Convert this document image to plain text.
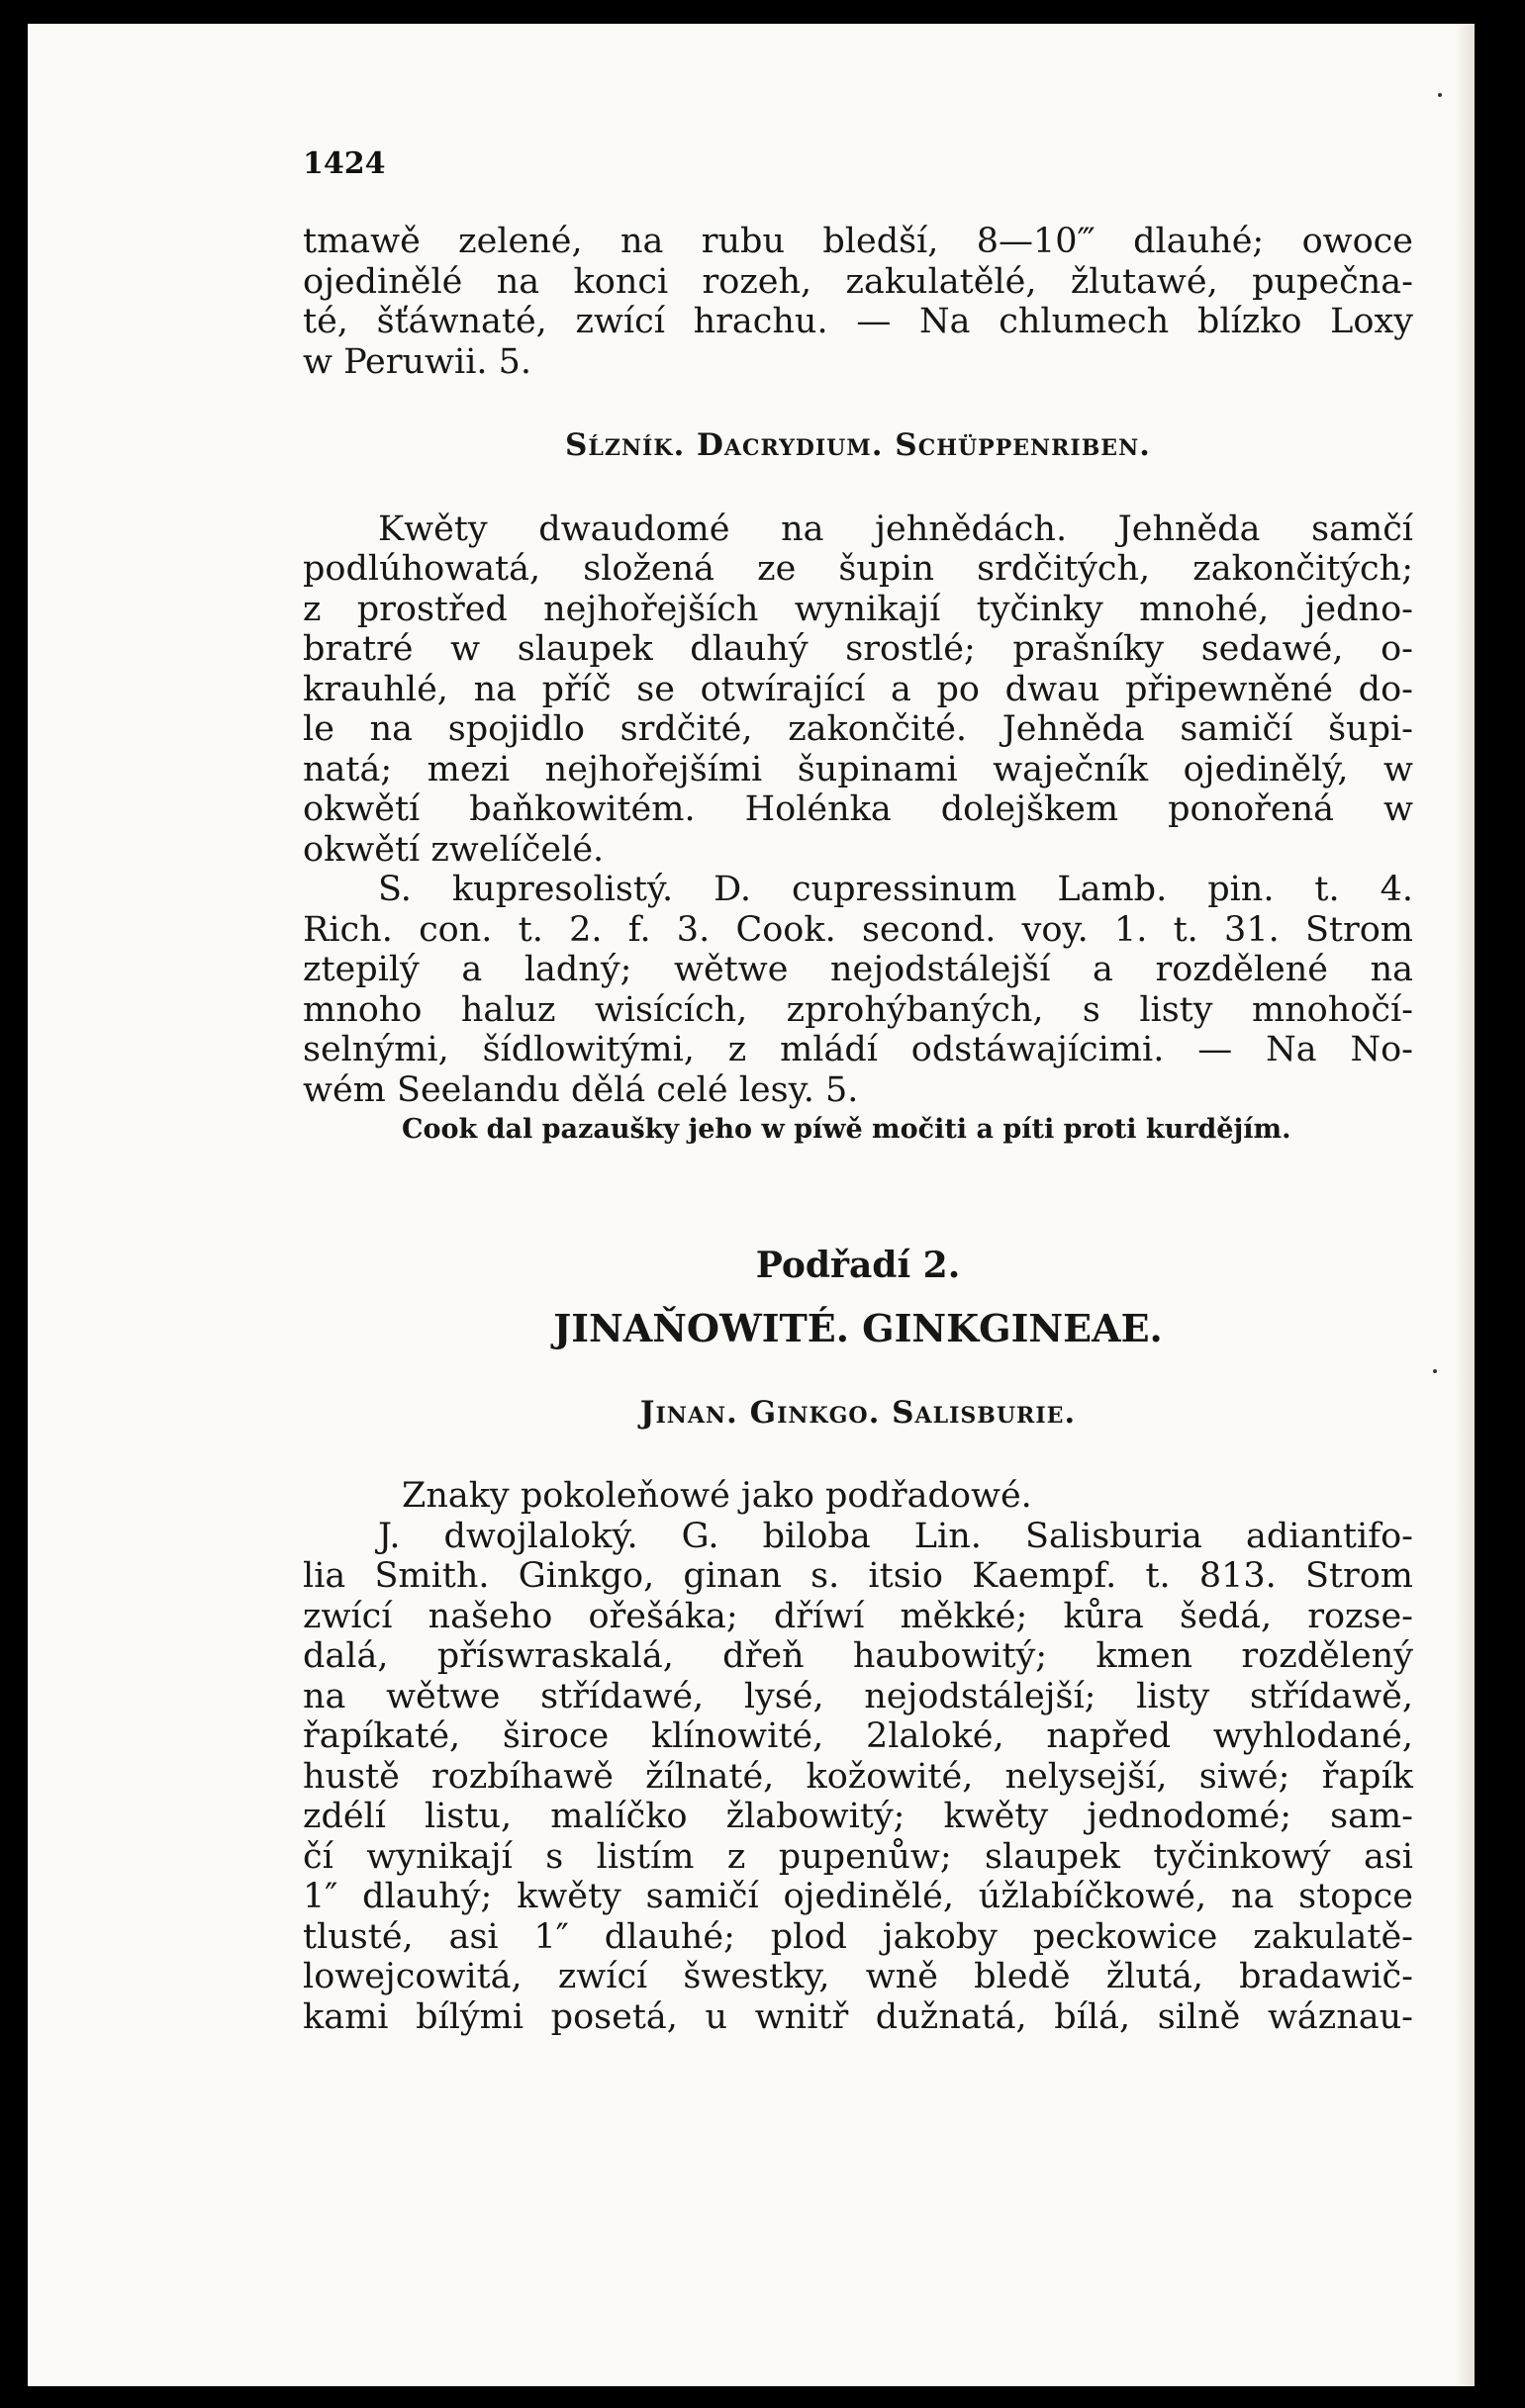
1424
tmawě zelené, na rubu bledší, 8—10‴ dlauhé; owoce
ojedinělé na konci rozeh, zakulatělé, žlutawé, pupečna-
té, šťáwnaté, zwící hrachu. — Na chlumech blízko Loxy
w Peruwii. 5.
Sĺzník. Dacrydium. Schüppenriben.
Kwěty dwaudomé na jehnědách. Jehněda samčí
podlúhowatá, složená ze šupin srdčitých, zakončitých;
z prostřed nejhořejších wynikají tyčinky mnohé, jedno-
bratré w slaupek dlauhý srostlé; prašníky sedawé, o-
krauhlé, na příč se otwírající a po dwau připewněné do-
le na spojidlo srdčité, zakončité. Jehněda samičí šupi-
natá; mezi nejhořejšími šupinami waječník ojedinělý, w
okwětí baňkowitém. Holénka dolejškem ponořená w
okwětí zwelíčelé.
S. kupresolistý. D. cupressinum Lamb. pin. t. 4.
Rich. con. t. 2. f. 3. Cook. second. voy. 1. t. 31. Strom
ztepilý a ladný; wětwe nejodstálejší a rozdělené na
mnoho haluz wisících, zprohýbaných, s listy mnohočí-
selnými, šídlowitými, z mládí odstáwajícimi. — Na No-
wém Seelandu dělá celé lesy. 5.
Cook dal pazaušky jeho w píwě močiti a píti proti kurdějím.
Podřadí 2.
JINAŇOWITÉ. GINKGINEAE.
Jinan. Ginkgo. Salisburie.
Znaky pokoleňowé jako podřadowé.
J. dwojlaloký. G. biloba Lin. Salisburia adiantifo-
lia Smith. Ginkgo, ginan s. itsio Kaempf. t. 813. Strom
zwící našeho ořešáka; dříwí měkké; kůra šedá, rozse-
dalá, příswraskalá, dřeň haubowitý; kmen rozdělený
na wětwe střídawé, lysé, nejodstálejší; listy střídawě,
řapíkaté, široce klínowité, 2laloké, napřed wyhlodané,
hustě rozbíhawě žílnaté, kožowité, nelysejší, siwé; řapík
zdélí listu, malíčko žlabowitý; kwěty jednodomé; sam-
čí wynikají s listím z pupenůw; slaupek tyčinkowý asi
1″ dlauhý; kwěty samičí ojedinělé, úžlabíčkowé, na stopce
tlusté, asi 1″ dlauhé; plod jakoby peckowice zakulatě-
lowejcowitá, zwící šwestky, wně bledě žlutá, bradawič-
kami bílými posetá, u wnitř dužnatá, bílá, silně wáznau-
